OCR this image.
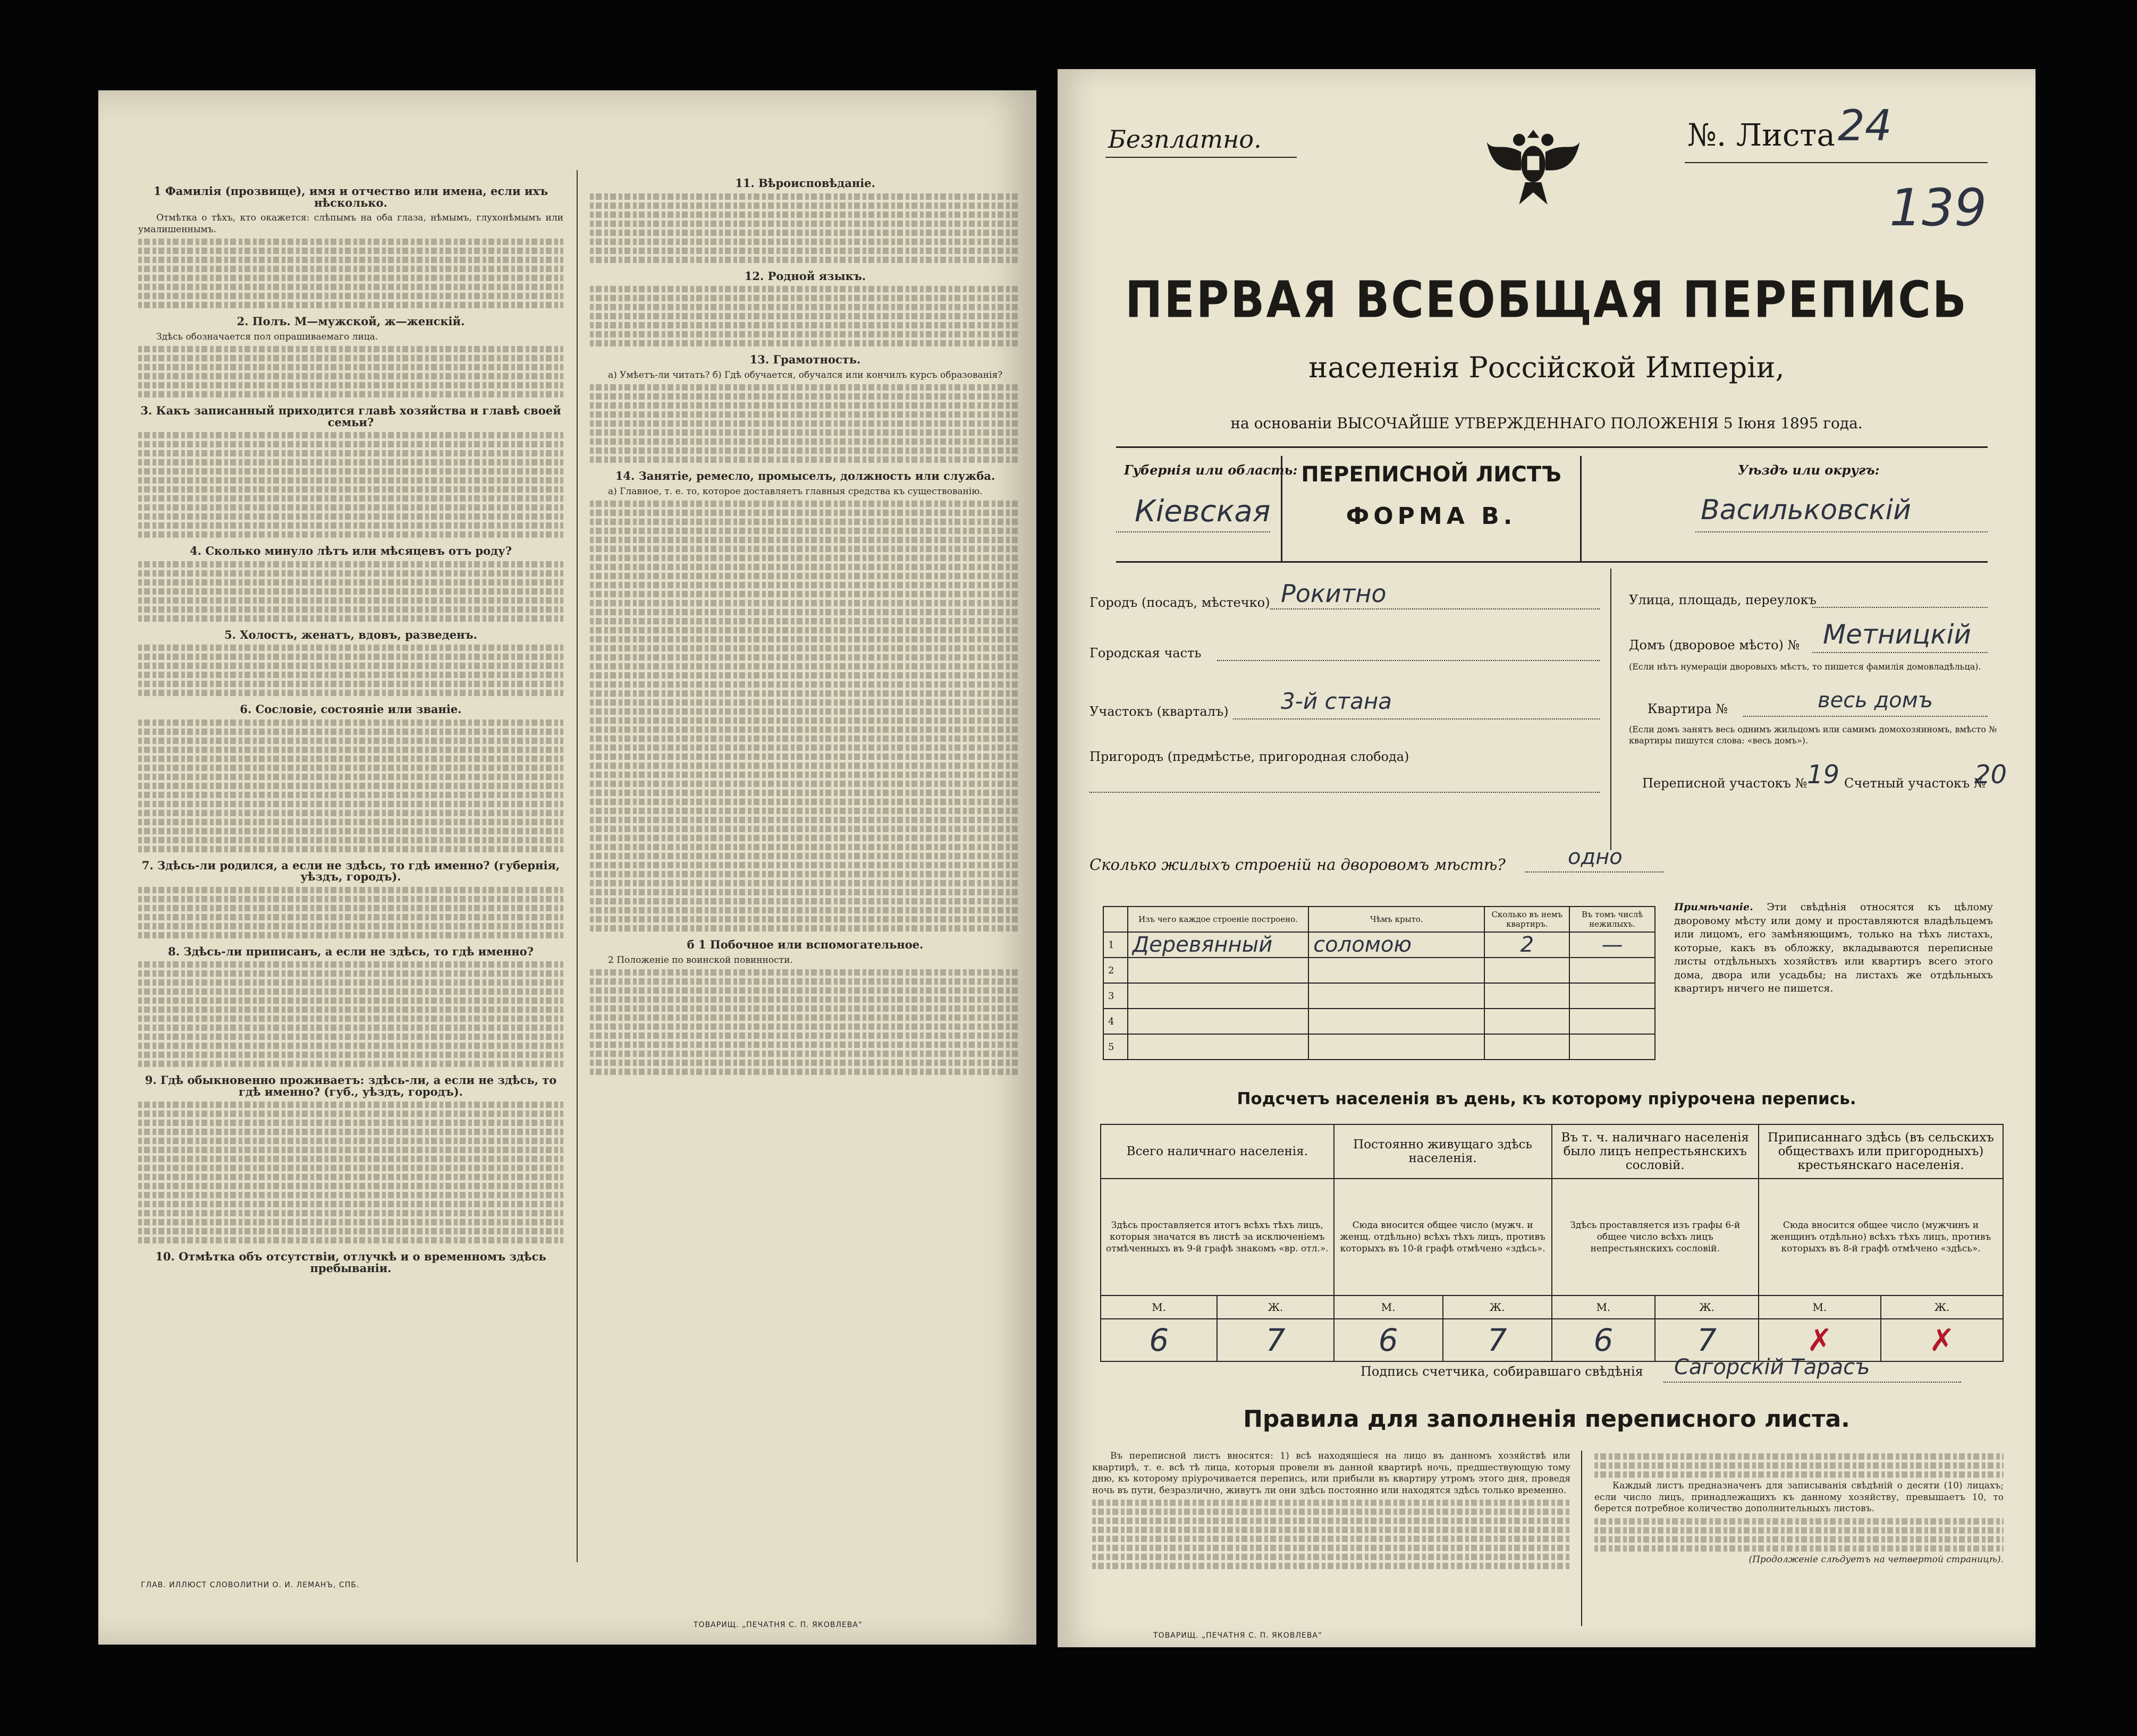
1 Фамилія (прозвище), имя и отчество или имена, если ихъ нѣсколько.

Отмѣтка о тѣхъ, кто окажется: слѣпымъ на оба глаза, нѣмымъ, глухонѣмымъ или умалишеннымъ.

2. Полъ. М—мужской, ж—женскій.

Здѣсь обозначается пол опрашиваемаго лица.

3. Какъ записанный приходится главѣ хозяйства и главѣ своей семьи?

4. Сколько минуло лѣтъ или мѣсяцевъ отъ роду?

5. Холостъ, женатъ, вдовъ, разведенъ.

6. Сословіе, состояніе или званіе.

7. Здѣсь-ли родился, а если не здѣсь, то гдѣ именно? (губернія, уѣздъ, городъ).

8. Здѣсь-ли приписанъ, а если не здѣсь, то гдѣ именно?

9. Гдѣ обыкновенно проживаетъ: здѣсь-ли, а если не здѣсь, то гдѣ именно? (губ., уѣздъ, городъ).

10. Отмѣтка объ отсутствіи, отлучкѣ и о временномъ здѣсь пребываніи.

11. Вѣроисповѣданіе.

12. Родной языкъ.

13. Грамотность.

а) Умѣетъ-ли читать? б) Гдѣ обучается, обучался или кончилъ курсъ образованія?

14. Занятіе, ремесло, промыселъ, должность или служба.

а) Главное, т. е. то, которое доставляетъ главныя средства къ существованію.

б 1 Побочное или вспомогательное.

2 Положеніе по воинской повинности.

ГЛАВ. ИЛЛЮСТ СЛОВОЛИТНИ О. И. ЛЕМАНЪ, СПБ.
ТОВАРИЩ. „ПЕЧАТНЯ С. П. ЯКОВЛЕВА“
Безплатно.	№. Листа 24
139
ПЕРВАЯ ВСЕОБЩАЯ ПЕРЕПИСЬ
населенія Россійской Имперіи,
на основаніи ВЫСОЧАЙШЕ УТВЕРЖДЕННАГО ПОЛОЖЕНІЯ 5 Іюня 1895 года.
Губернія или область:
Кіевская
ПЕРЕПИСНОЙ ЛИСТЪ
ФОРМА В.
Уѣздъ или округъ:
Васильковскій
Городъ (посадъ, мѣстечко) Рокитно
Городская часть
Участокъ (кварталъ) 3-й стана
Пригородъ (предмѣстье, пригородная слобода)
Улица, площадь, переулокъ
Домъ (дворовое мѣсто) № Метницкій
(Если нѣтъ нумераціи дворовыхъ мѣстъ, то пишется фамилія домовладѣльца).
Квартира №	весь домъ
(Если домъ занятъ весь однимъ жильцомъ или самимъ домохозяиномъ, вмѣсто № квартиры пишутся слова: «весь домъ»).
Переписной участокъ № 19 Счетный участокъ №
20
Сколько жилыхъ строеній на дворовомъ мѣстѣ?	одно
	Изъ чего каждое строеніе построено.	Чѣмъ крыто.	Сколько въ немъ квартиръ.	Въ томъ числѣ нежилыхъ.
1	Деревянный	соломою	2	—
2				
3				
4				
5				
Примѣчаніе. Эти свѣдѣнія относятся къ цѣлому дворовому мѣсту или дому и проставляются владѣльцемъ или лицомъ, его замѣняющимъ, только на тѣхъ листахъ, которые, какъ въ обложку, вкладываются переписные листы отдѣльныхъ хозяйствъ или квартиръ всего этого дома, двора или усадьбы; на листахъ же отдѣльныхъ квартиръ ничего не пишется.
Подсчетъ населенія въ день, къ которому пріурочена перепись.
Всего наличнаго населенія.		Постоянно живущаго здѣсь населенія.		Въ т. ч. наличнаго населенія было лицъ непрестьянскихъ сословій.		Приписаннаго здѣсь (въ сельскихъ обществахъ или пригородныхъ) крестьянскаго населенія.	
Здѣсь проставляется итогъ всѣхъ тѣхъ лицъ, которыя значатся въ листѣ за исключеніемъ отмѣченныхъ въ 9-й графѣ знакомъ «вр. отл.».		Сюда вносится общее число (мужч. и женщ. отдѣльно) всѣхъ тѣхъ лицъ, противъ которыхъ въ 10-й графѣ отмѣчено «здѣсь».		Здѣсь проставляется изъ графы 6-й общее число всѣхъ лицъ непрестьянскихъ сословій.		Сюда вносится общее число (мужчинъ и женщинъ отдѣльно) всѣхъ тѣхъ лицъ, противъ которыхъ въ 8-й графѣ отмѣчено «здѣсь».	
М.	Ж.	М.	Ж.	М.	Ж.	М.	Ж.
6	7	6	7	6	7	✗	✗
Подпись счетчика, собиравшаго свѣдѣнія Сагорскій Тарасъ
Правила для заполненія переписного листа.

Въ переписной листъ вносятся: 1) всѣ находящіеся на лицо въ данномъ хозяйствѣ или квартирѣ, т. е. всѣ тѣ лица, которыя провели въ данной квартирѣ ночь, предшествующую тому дню, къ которому пріурочивается перепись, или прибыли въ квартиру утромъ этого дня, проведя ночь въ пути, безразлично, живутъ ли они здѣсь постоянно или находятся здѣсь только временно.	Каждый листъ предназначенъ для записыванія свѣдѣній о десяти (10) лицахъ; если число лицъ, принадлежащихъ къ данному хозяйству, превышаетъ 10, то берется потребное количество дополнительныхъ листовъ.

(Продолженіе слѣдуетъ на четвертой страницѣ).

ТОВАРИЩ. „ПЕЧАТНЯ С. П. ЯКОВЛЕВА“
